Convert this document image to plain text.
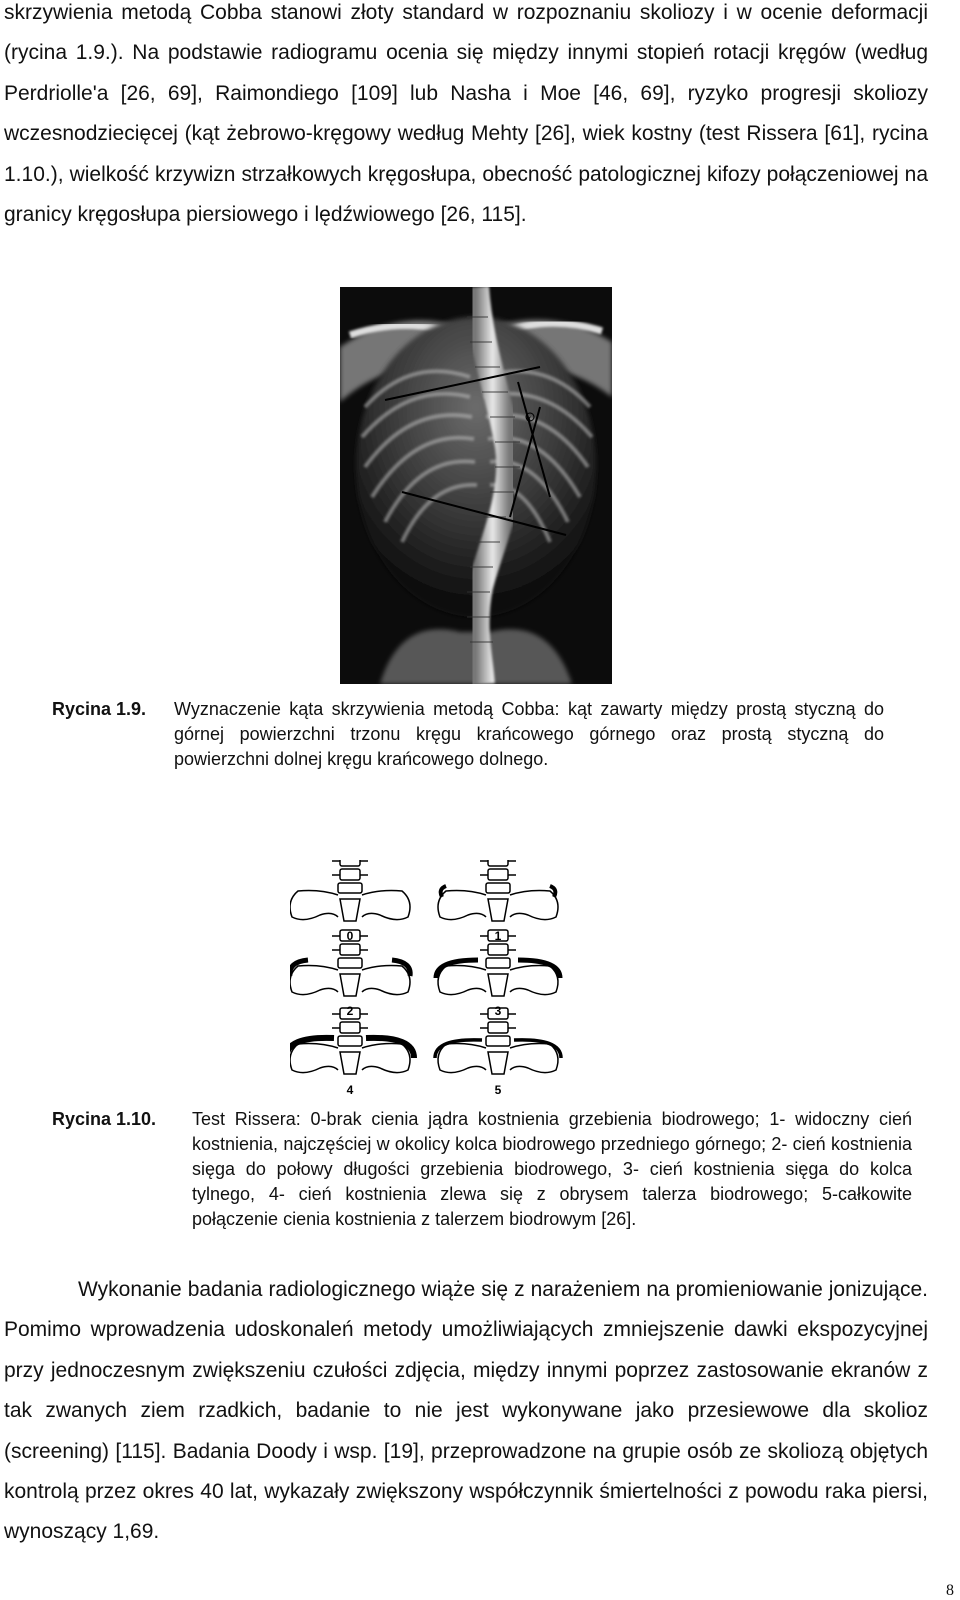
skrzywienia metodą Cobba stanowi złoty standard w rozpoznaniu skoliozy i w ocenie deformacji (rycina 1.9.). Na podstawie radiogramu ocenia się między innymi stopień rotacji kręgów (według Perdriolle'a [26, 69], Raimondiego [109] lub Nasha i Moe [46, 69], ryzyko progresji skoliozy wczesnodziecięcej (kąt żebrowo-kręgowy według Mehty [26], wiek kostny (test Rissera [61], rycina 1.10.), wielkość krzywizn strzałkowych kręgosłupa, obecność patologicznej kifozy połączeniowej na granicy kręgosłupa piersiowego i lędźwiowego [26, 115].

α
Rycina 1.9. Wyznaczenie kąta skrzywienia metodą Cobba: kąt zawarty między prostą styczną do górnej powierzchni trzonu kręgu krańcowego górnego oraz prostą styczną do powierzchni dolnej kręgu krańcowego dolnego.
0	1
2	3
4	5
Rycina 1.10. Test Rissera: 0-brak cienia jądra kostnienia grzebienia biodrowego; 1- widoczny cień kostnienia, najczęściej w okolicy kolca biodrowego przedniego górnego; 2- cień kostnienia sięga do połowy długości grzebienia biodrowego, 3- cień kostnienia sięga do kolca tylnego, 4- cień kostnienia zlewa się z obrysem talerza biodrowego; 5-całkowite połączenie cienia kostnienia z talerzem biodrowym [26].

Wykonanie badania radiologicznego wiąże się z narażeniem na promieniowanie jonizujące. Pomimo wprowadzenia udoskonaleń metody umożliwiających zmniejszenie dawki ekspozycyjnej przy jednoczesnym zwiększeniu czułości zdjęcia, między innymi poprzez zastosowanie ekranów z tak zwanych ziem rzadkich, badanie to nie jest wykonywane jako przesiewowe dla skolioz (screening) [115]. Badania Doody i wsp. [19], przeprowadzone na grupie osób ze skoliozą objętych kontrolą przez okres 40 lat, wykazały zwiększony współczynnik śmiertelności z powodu raka piersi, wynoszący 1,69.

8
